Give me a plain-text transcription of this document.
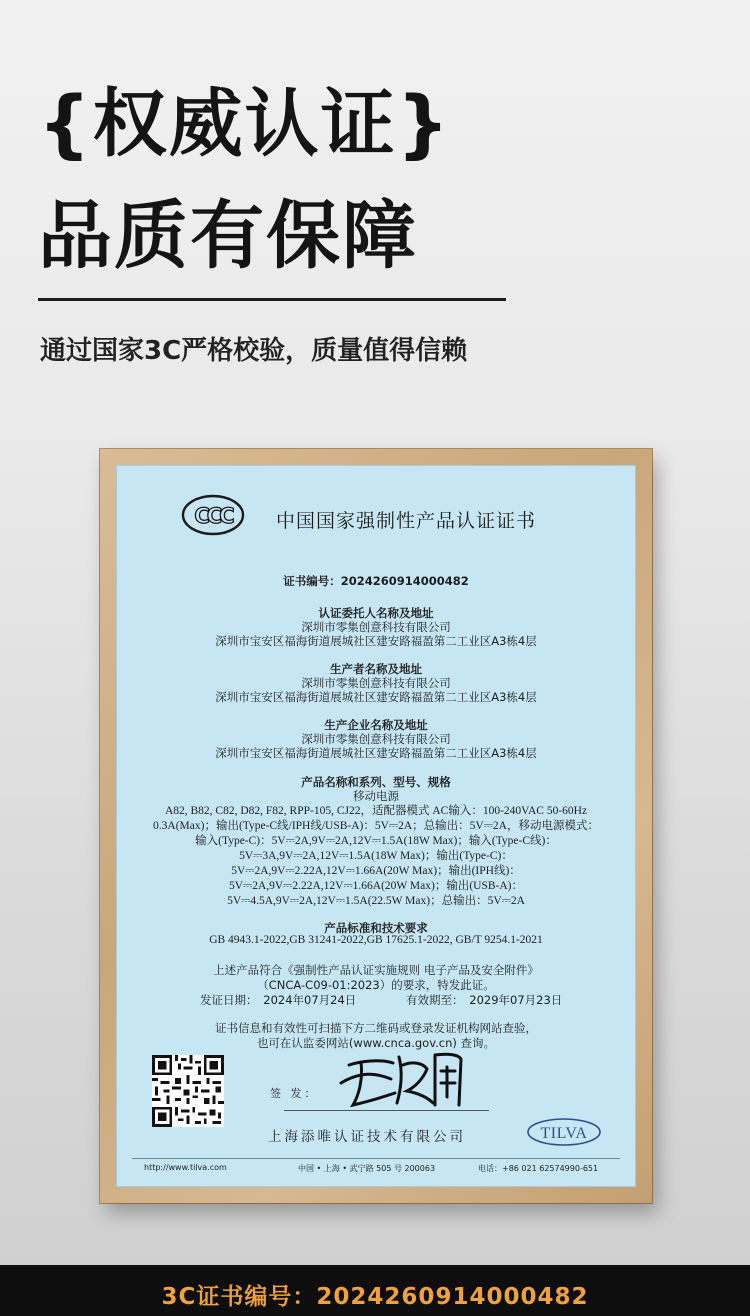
{权威认证}
品质有保障
通过国家3C严格校验，质量值得信赖
CCC 中国国家强制性产品认证证书
证书编号：2024260914000482
认证委托人名称及地址
深圳市零集创意科技有限公司
深圳市宝安区福海街道展城社区建安路福盈第二工业区A3栋4层
生产者名称及地址
深圳市零集创意科技有限公司
深圳市宝安区福海街道展城社区建安路福盈第二工业区A3栋4层
生产企业名称及地址
深圳市零集创意科技有限公司
深圳市宝安区福海街道展城社区建安路福盈第二工业区A3栋4层
产品名称和系列、型号、规格
移动电源
A82, B82, C82, D82, F82, RPP-105, CJ22，适配器模式 AC输入：100-240VAC 50-60Hz
0.3A(Max)；输出(Type-C线/IPH线/USB-A)：5V⎓2A；总输出：5V⎓2A，移动电源模式：
输入(Type-C)：5V⎓2A,9V⎓2A,12V⎓1.5A(18W Max)；输入(Type-C线)：
5V⎓3A,9V⎓2A,12V⎓1.5A(18W Max)；输出(Type-C)：
5V⎓2A,9V⎓2.22A,12V⎓1.66A(20W Max)；输出(IPH线)：
5V⎓2A,9V⎓2.22A,12V⎓1.66A(20W Max)；输出(USB-A)：
5V⎓4.5A,9V⎓2A,12V⎓1.5A(22.5W Max)；总输出：5V⎓2A
产品标准和技术要求
GB 4943.1-2022,GB 31241-2022,GB 17625.1-2022, GB/T 9254.1-2021
上述产品符合《强制性产品认证实施规则 电子产品及安全附件》
（CNCA-C09-01:2023）的要求，特发此证。
发证日期：　2024年07月24日	有效期至：　2029年07月23日
证书信息和有效性可扫描下方二维码或登录发证机构网站查验，
也可在认监委网站(www.cnca.gov.cn) 查询。
签 发：
上海添唯认证技术有限公司	TILVA
http://www.tilva.com	中国 • 上海 • 武宁路 505 号 200063	电话：+86 021 62574990-651
3C证书编号：2024260914000482
